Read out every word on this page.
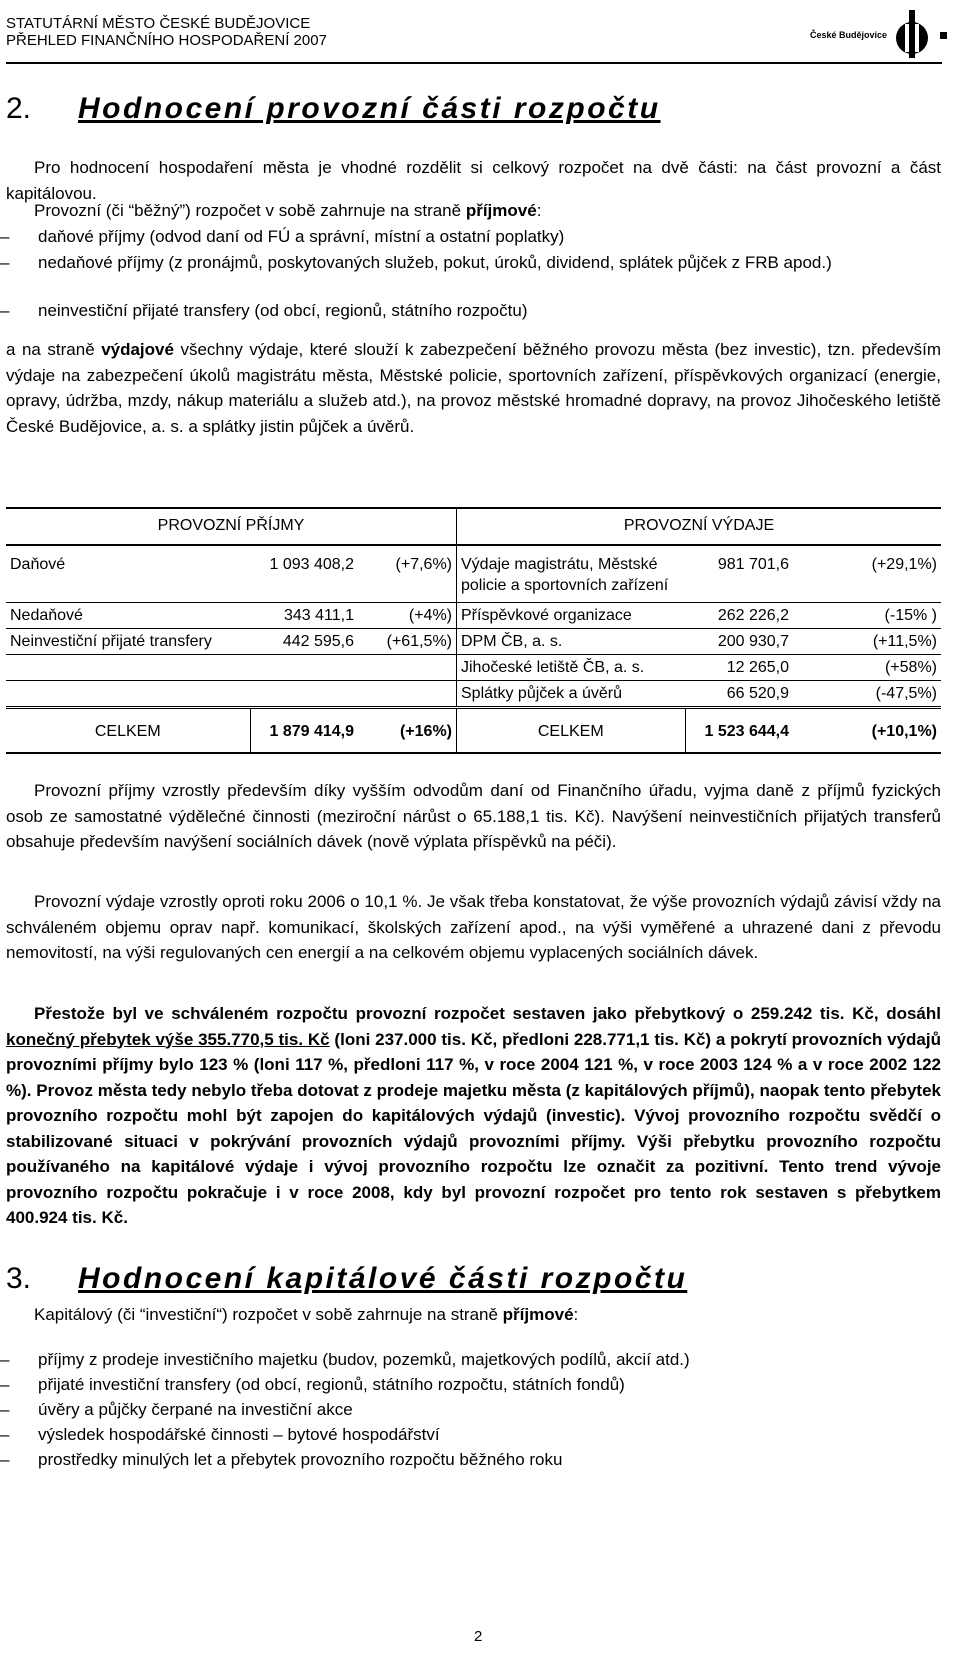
STATUTÁRNÍ MĚSTO ČESKÉ BUDĚJOVICE
PŘEHLED FINANČNÍHO HOSPODAŘENÍ 2007	České Budějovice
2. Hodnocení provozní části rozpočtu
Pro hodnocení hospodaření města je vhodné rozdělit si celkový rozpočet na dvě části: na část provozní a část kapitálovou.
Provozní (či “běžný”) rozpočet v sobě zahrnuje na straně příjmové:
–	daňové příjmy (odvod daní od FÚ a správní, místní a ostatní poplatky)
–	nedaňové příjmy (z pronájmů, poskytovaných služeb, pokut, úroků, dividend, splátek půjček z FRB apod.)
–	neinvestiční přijaté transfery (od obcí, regionů, státního rozpočtu)
a na straně výdajové všechny výdaje, které slouží k zabezpečení běžného provozu města (bez investic), tzn. především výdaje na zabezpečení úkolů magistrátu města, Městské policie, sportovních zařízení, příspěvkových organizací (energie, opravy, údržba, mzdy, nákup materiálu a služeb atd.), na provoz městské hromadné dopravy, na provoz Jihočeského letiště České Budějovice, a. s. a splátky jistin půjček a úvěrů.
PROVOZNÍ PŘÍJMY			PROVOZNÍ VÝDAJE		
Daňové	1 093 408,2	(+7,6%)	Výdaje magistrátu, Městské policie a sportovních zařízení	981 701,6	(+29,1%)
Nedaňové	343 411,1	(+4%)	Příspěvkové organizace	262 226,2	(-15% )
Neinvestiční přijaté transfery	442 595,6	(+61,5%)	DPM ČB, a. s.	200 930,7	(+11,5%)
			Jihočeské letiště ČB, a. s.	12 265,0	(+58%)
			Splátky půjček a úvěrů	66 520,9	(-47,5%)
CELKEM	1 879 414,9	(+16%)	CELKEM	1 523 644,4	(+10,1%)
Provozní příjmy vzrostly především díky vyšším odvodům daní od Finančního úřadu, vyjma daně z příjmů fyzických osob ze samostatné výdělečné činnosti (meziroční nárůst o 65.188,1 tis. Kč). Navýšení neinvestičních přijatých transferů obsahuje především navýšení sociálních dávek (nově výplata příspěvků na péči).
Provozní výdaje vzrostly oproti roku 2006 o 10,1 %. Je však třeba konstatovat, že výše provozních výdajů závisí vždy na schváleném objemu oprav např. komunikací, školských zařízení apod., na výši vyměřené a uhrazené dani z převodu nemovitostí, na výši regulovaných cen energií a na celkovém objemu vyplacených sociálních dávek.
Přestože byl ve schváleném rozpočtu provozní rozpočet sestaven jako přebytkový o 259.242 tis. Kč, dosáhl konečný přebytek výše 355.770,5 tis. Kč (loni 237.000 tis. Kč, předloni 228.771,1 tis. Kč) a pokrytí provozních výdajů provozními příjmy bylo 123 % (loni 117 %, předloni 117 %, v roce 2004 121 %, v roce 2003 124 % a v roce 2002 122 %). Provoz města tedy nebylo třeba dotovat z prodeje majetku města (z kapitálových příjmů), naopak tento přebytek provozního rozpočtu mohl být zapojen do kapitálových výdajů (investic). Vývoj provozního rozpočtu svědčí o stabilizované situaci v pokrývání provozních výdajů provozními příjmy. Výši přebytku provozního rozpočtu používaného na kapitálové výdaje i vývoj provozního rozpočtu lze označit za pozitivní. Tento trend vývoje provozního rozpočtu pokračuje i v roce 2008, kdy byl provozní rozpočet pro tento rok sestaven s přebytkem 400.924 tis. Kč.
3. Hodnocení kapitálové části rozpočtu
Kapitálový (či “investiční“) rozpočet v sobě zahrnuje na straně příjmové:
–	příjmy z prodeje investičního majetku (budov, pozemků, majetkových podílů, akcií atd.)
–	přijaté investiční transfery (od obcí, regionů, státního rozpočtu, státních fondů)
–	úvěry a půjčky čerpané na investiční akce
–	výsledek hospodářské činnosti – bytové hospodářství
–	prostředky minulých let a přebytek provozního rozpočtu běžného roku
2
